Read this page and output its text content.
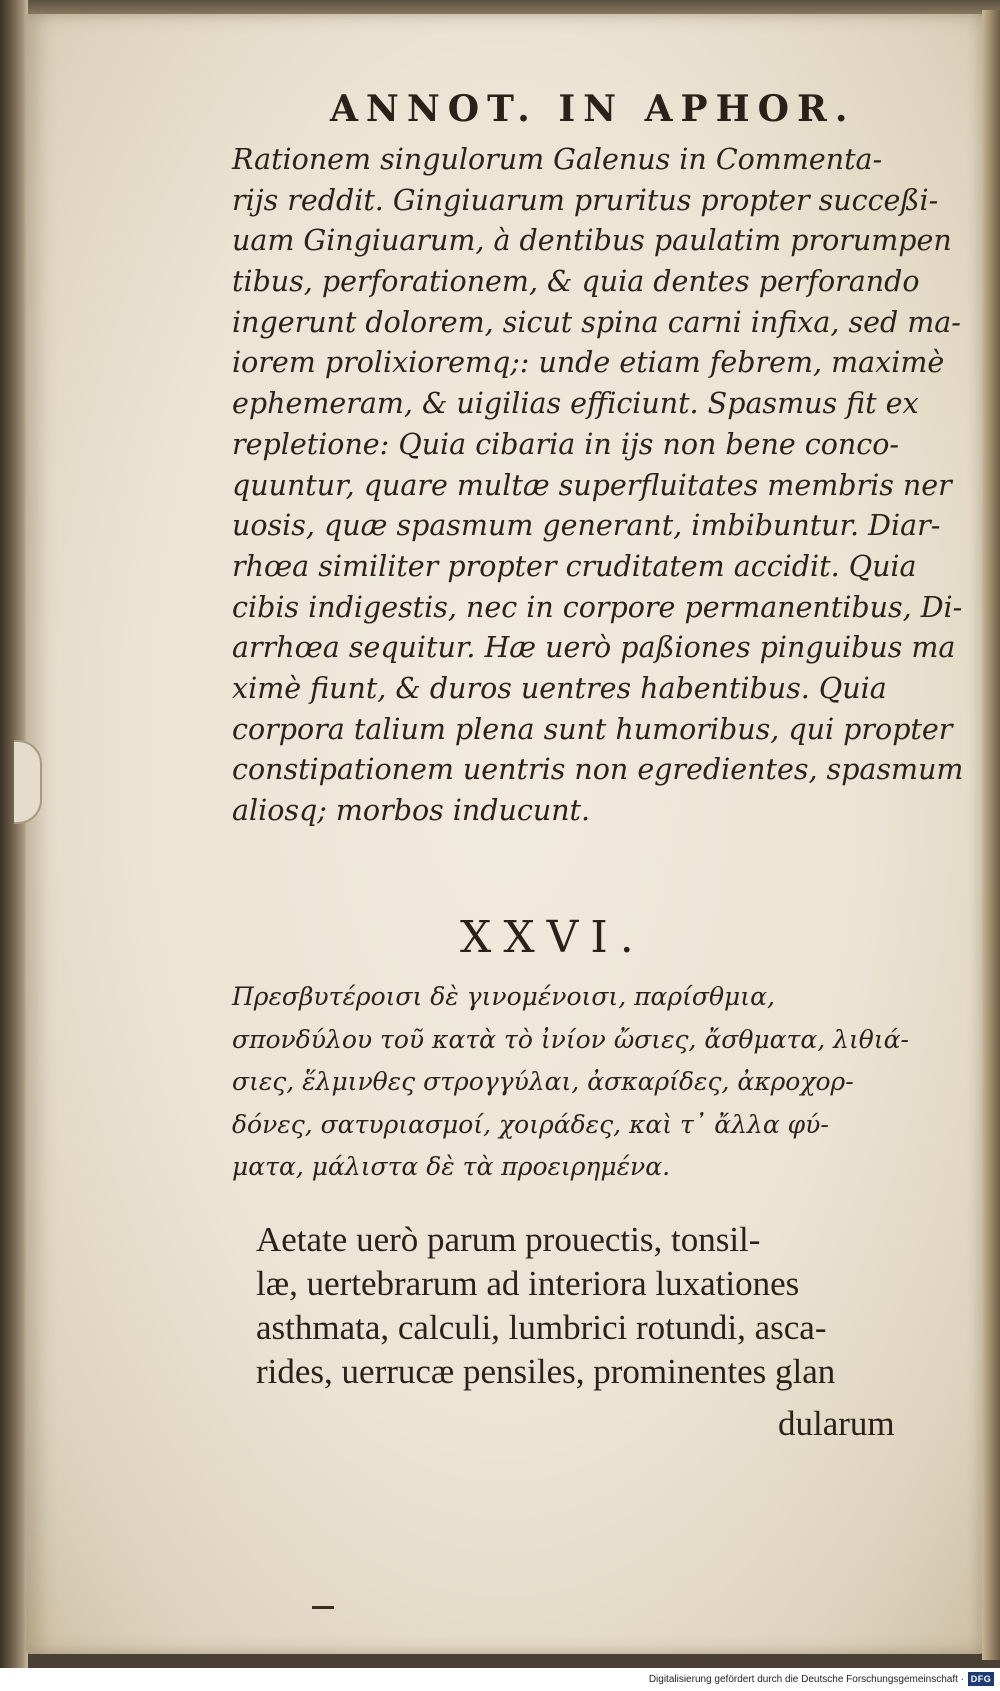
ANNOT. IN APHOR.
Rationem singulorum Galenus in Commenta-
rijs reddit. Gingiuarum pruritus propter succeßi-
uam Gingiuarum, à dentibus paulatim prorumpen
tibus, perforationem, & quia dentes perforando
ingerunt dolorem, sicut spina carni infixa, sed ma-
iorem prolixioremq;: unde etiam febrem, maximè
ephemeram, & uigilias efficiunt. Spasmus fit ex
repletione: Quia cibaria in ijs non bene conco-
quuntur, quare multæ superfluitates membris ner
uosis, quæ spasmum generant, imbibuntur. Diar-
rhœa similiter propter cruditatem accidit. Quia
cibis indigestis, nec in corpore permanentibus, Di-
arrhœa sequitur. Hæ uerò paßiones pinguibus ma
ximè fiunt, & duros uentres habentibus. Quia
corpora talium plena sunt humoribus, qui propter
constipationem uentris non egredientes, spasmum
aliosq; morbos inducunt.
XXVI.
Πρεσβυτέροισι δὲ γινομένοισι, παρίσθμια,
σπονδύλου τοῦ κατὰ τὸ ἰνίον ὤσιες, ἄσθματα, λιθιά-
σιες, ἕλμινθες στρογγύλαι, ἀσκαρίδες, ἀκροχορ-
δόνες, σατυριασμοί, χοιράδες, καὶ τ᾽ ἄλλα φύ-
ματα, μάλιστα δὲ τὰ προειρημένα.
Aetate uerò parum prouectis, tonsil-
læ, uertebrarum ad interiora luxationes
asthmata, calculi, lumbrici rotundi, asca-
rides, uerrucæ pensiles, prominentes glan
dularum
Digitalisierung gefördert durch die Deutsche Forschungsgemeinschaft · DFG
